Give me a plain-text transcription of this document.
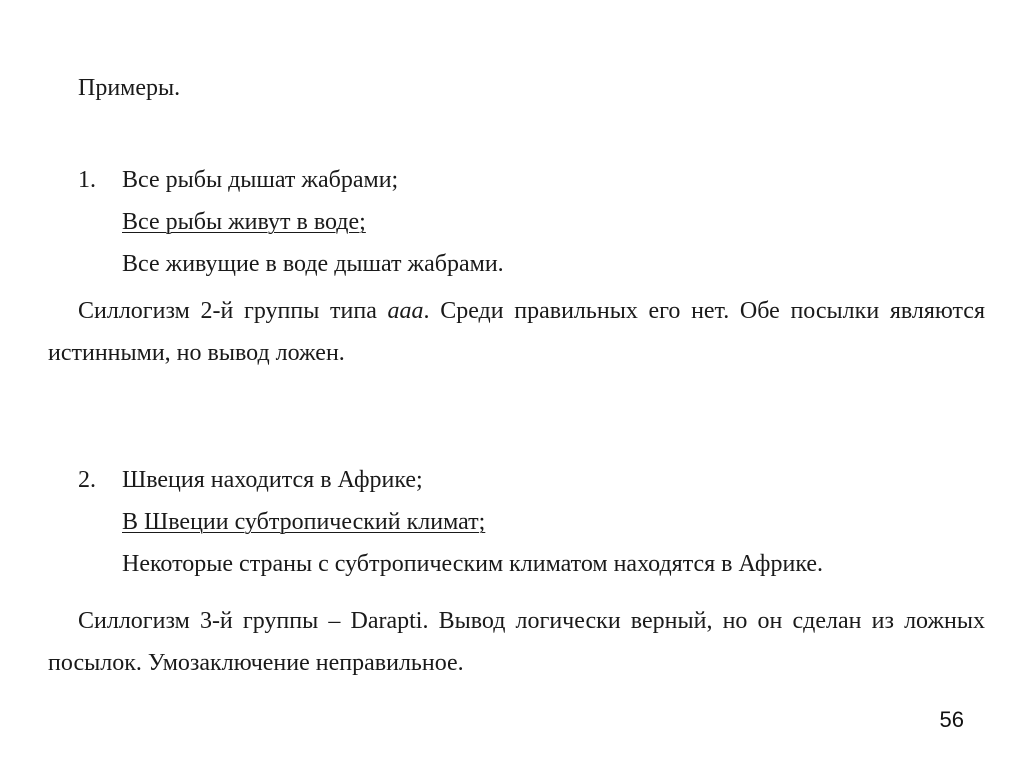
Примеры.
1. Все рыбы дышат жабрами;
Все рыбы живут в воде;
Все живущие в воде дышат жабрами.
Силлогизм 2-й группы типа ааа. Среди правильных его нет. Обе посылки являются истинными, но вывод ложен.
2. Швеция находится в Африке;
В Швеции субтропический климат;
Некоторые страны с субтропическим климатом находятся в Африке.
Силлогизм 3-й группы – Darapti. Вывод логически верный, но он сделан из ложных посылок. Умозаключение неправильное.
56
